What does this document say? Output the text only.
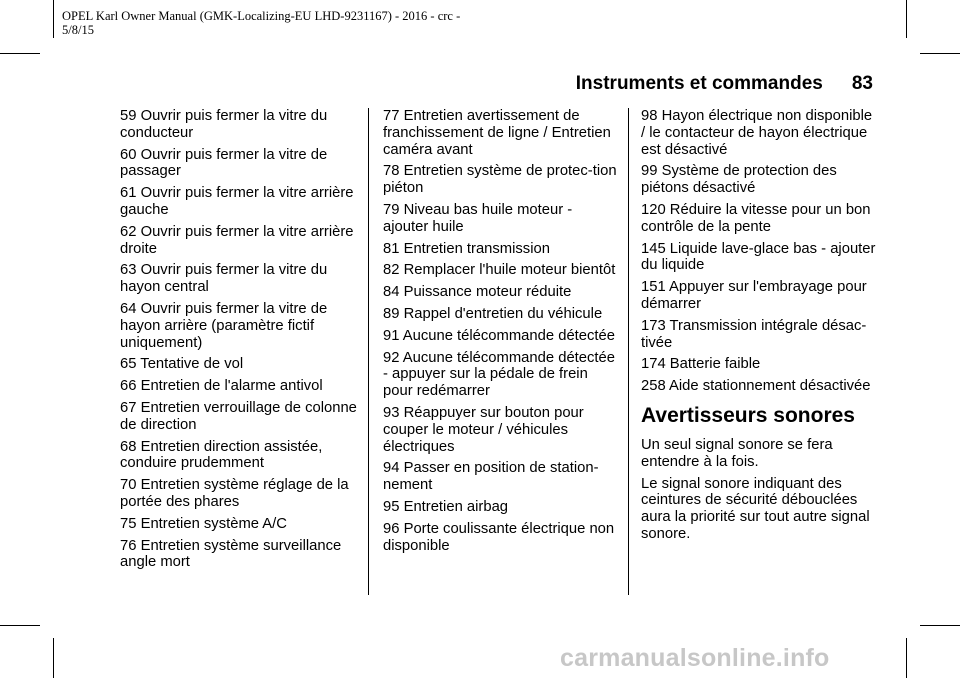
OPEL Karl Owner Manual (GMK-Localizing-EU LHD-9231167) - 2016 - crc -
5/8/15
Instruments et commandes 83

59 Ouvrir puis fermer la vitre du conducteur

60 Ouvrir puis fermer la vitre de passager

61 Ouvrir puis fermer la vitre arrière gauche

62 Ouvrir puis fermer la vitre arrière droite

63 Ouvrir puis fermer la vitre du hayon central

64 Ouvrir puis fermer la vitre de hayon arrière (paramètre fictif uniquement)

65 Tentative de vol

66 Entretien de l'alarme antivol

67 Entretien verrouillage de colonne de direction

68 Entretien direction assistée, conduire prudemment

70 Entretien système réglage de la portée des phares

75 Entretien système A/C

76 Entretien système surveillance angle mort

77 Entretien avertissement de franchissement de ligne / Entretien caméra avant

78 Entretien système de protec-tion piéton

79 Niveau bas huile moteur - ajouter huile

81 Entretien transmission

82 Remplacer l'huile moteur bientôt

84 Puissance moteur réduite

89 Rappel d'entretien du véhicule

91 Aucune télécommande détectée

92 Aucune télécommande détectée - appuyer sur la pédale de frein pour redémarrer

93 Réappuyer sur bouton pour couper le moteur / véhicules électriques

94 Passer en position de station-nement

95 Entretien airbag

96 Porte coulissante électrique non disponible

98 Hayon électrique non disponible / le contacteur de hayon électrique est désactivé

99 Système de protection des piétons désactivé

120 Réduire la vitesse pour un bon contrôle de la pente

145 Liquide lave-glace bas - ajouter du liquide

151 Appuyer sur l'embrayage pour démarrer

173 Transmission intégrale désac-tivée

174 Batterie faible

258 Aide stationnement désactivée

Avertisseurs sonores

Un seul signal sonore se fera entendre à la fois.

Le signal sonore indiquant des ceintures de sécurité débouclées aura la priorité sur tout autre signal sonore.

carmanualsonline.info
